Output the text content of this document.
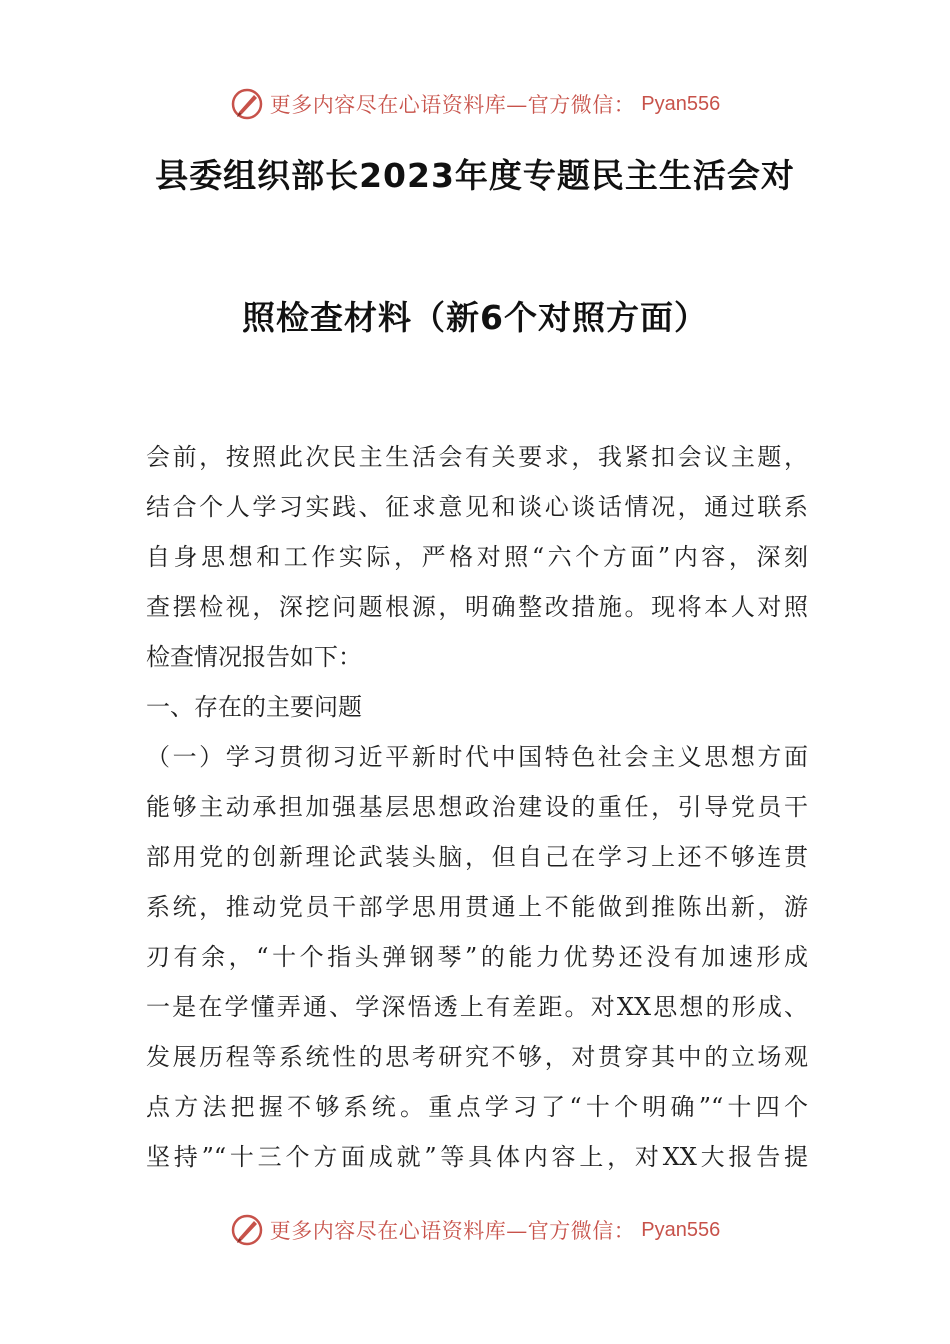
更多内容尽在心语资料库—官方微信： Pyan556
县委组织部长2023年度专题民主生活会对
照检查材料（新6个对照方面）
会前，按照此次民主生活会有关要求，我紧扣会议主题，
结合个人学习实践、征求意见和谈心谈话情况，通过联系
自身思想和工作实际，严格对照“六个方面”内容，深刻
查摆检视，深挖问题根源，明确整改措施。现将本人对照
检查情况报告如下：
一、存在的主要问题
（一）学习贯彻习近平新时代中国特色社会主义思想方面
能够主动承担加强基层思想政治建设的重任，引导党员干
部用党的创新理论武装头脑，但自己在学习上还不够连贯
系统，推动党员干部学思用贯通上不能做到推陈出新，游
刃有余，“十个指头弹钢琴”的能力优势还没有加速形成
一是在学懂弄通、学深悟透上有差距。对XX思想的形成、
发展历程等系统性的思考研究不够，对贯穿其中的立场观
点方法把握不够系统。重点学习了“十个明确”“十四个
坚持”“十三个方面成就”等具体内容上，对XX大报告提
更多内容尽在心语资料库—官方微信： Pyan556
